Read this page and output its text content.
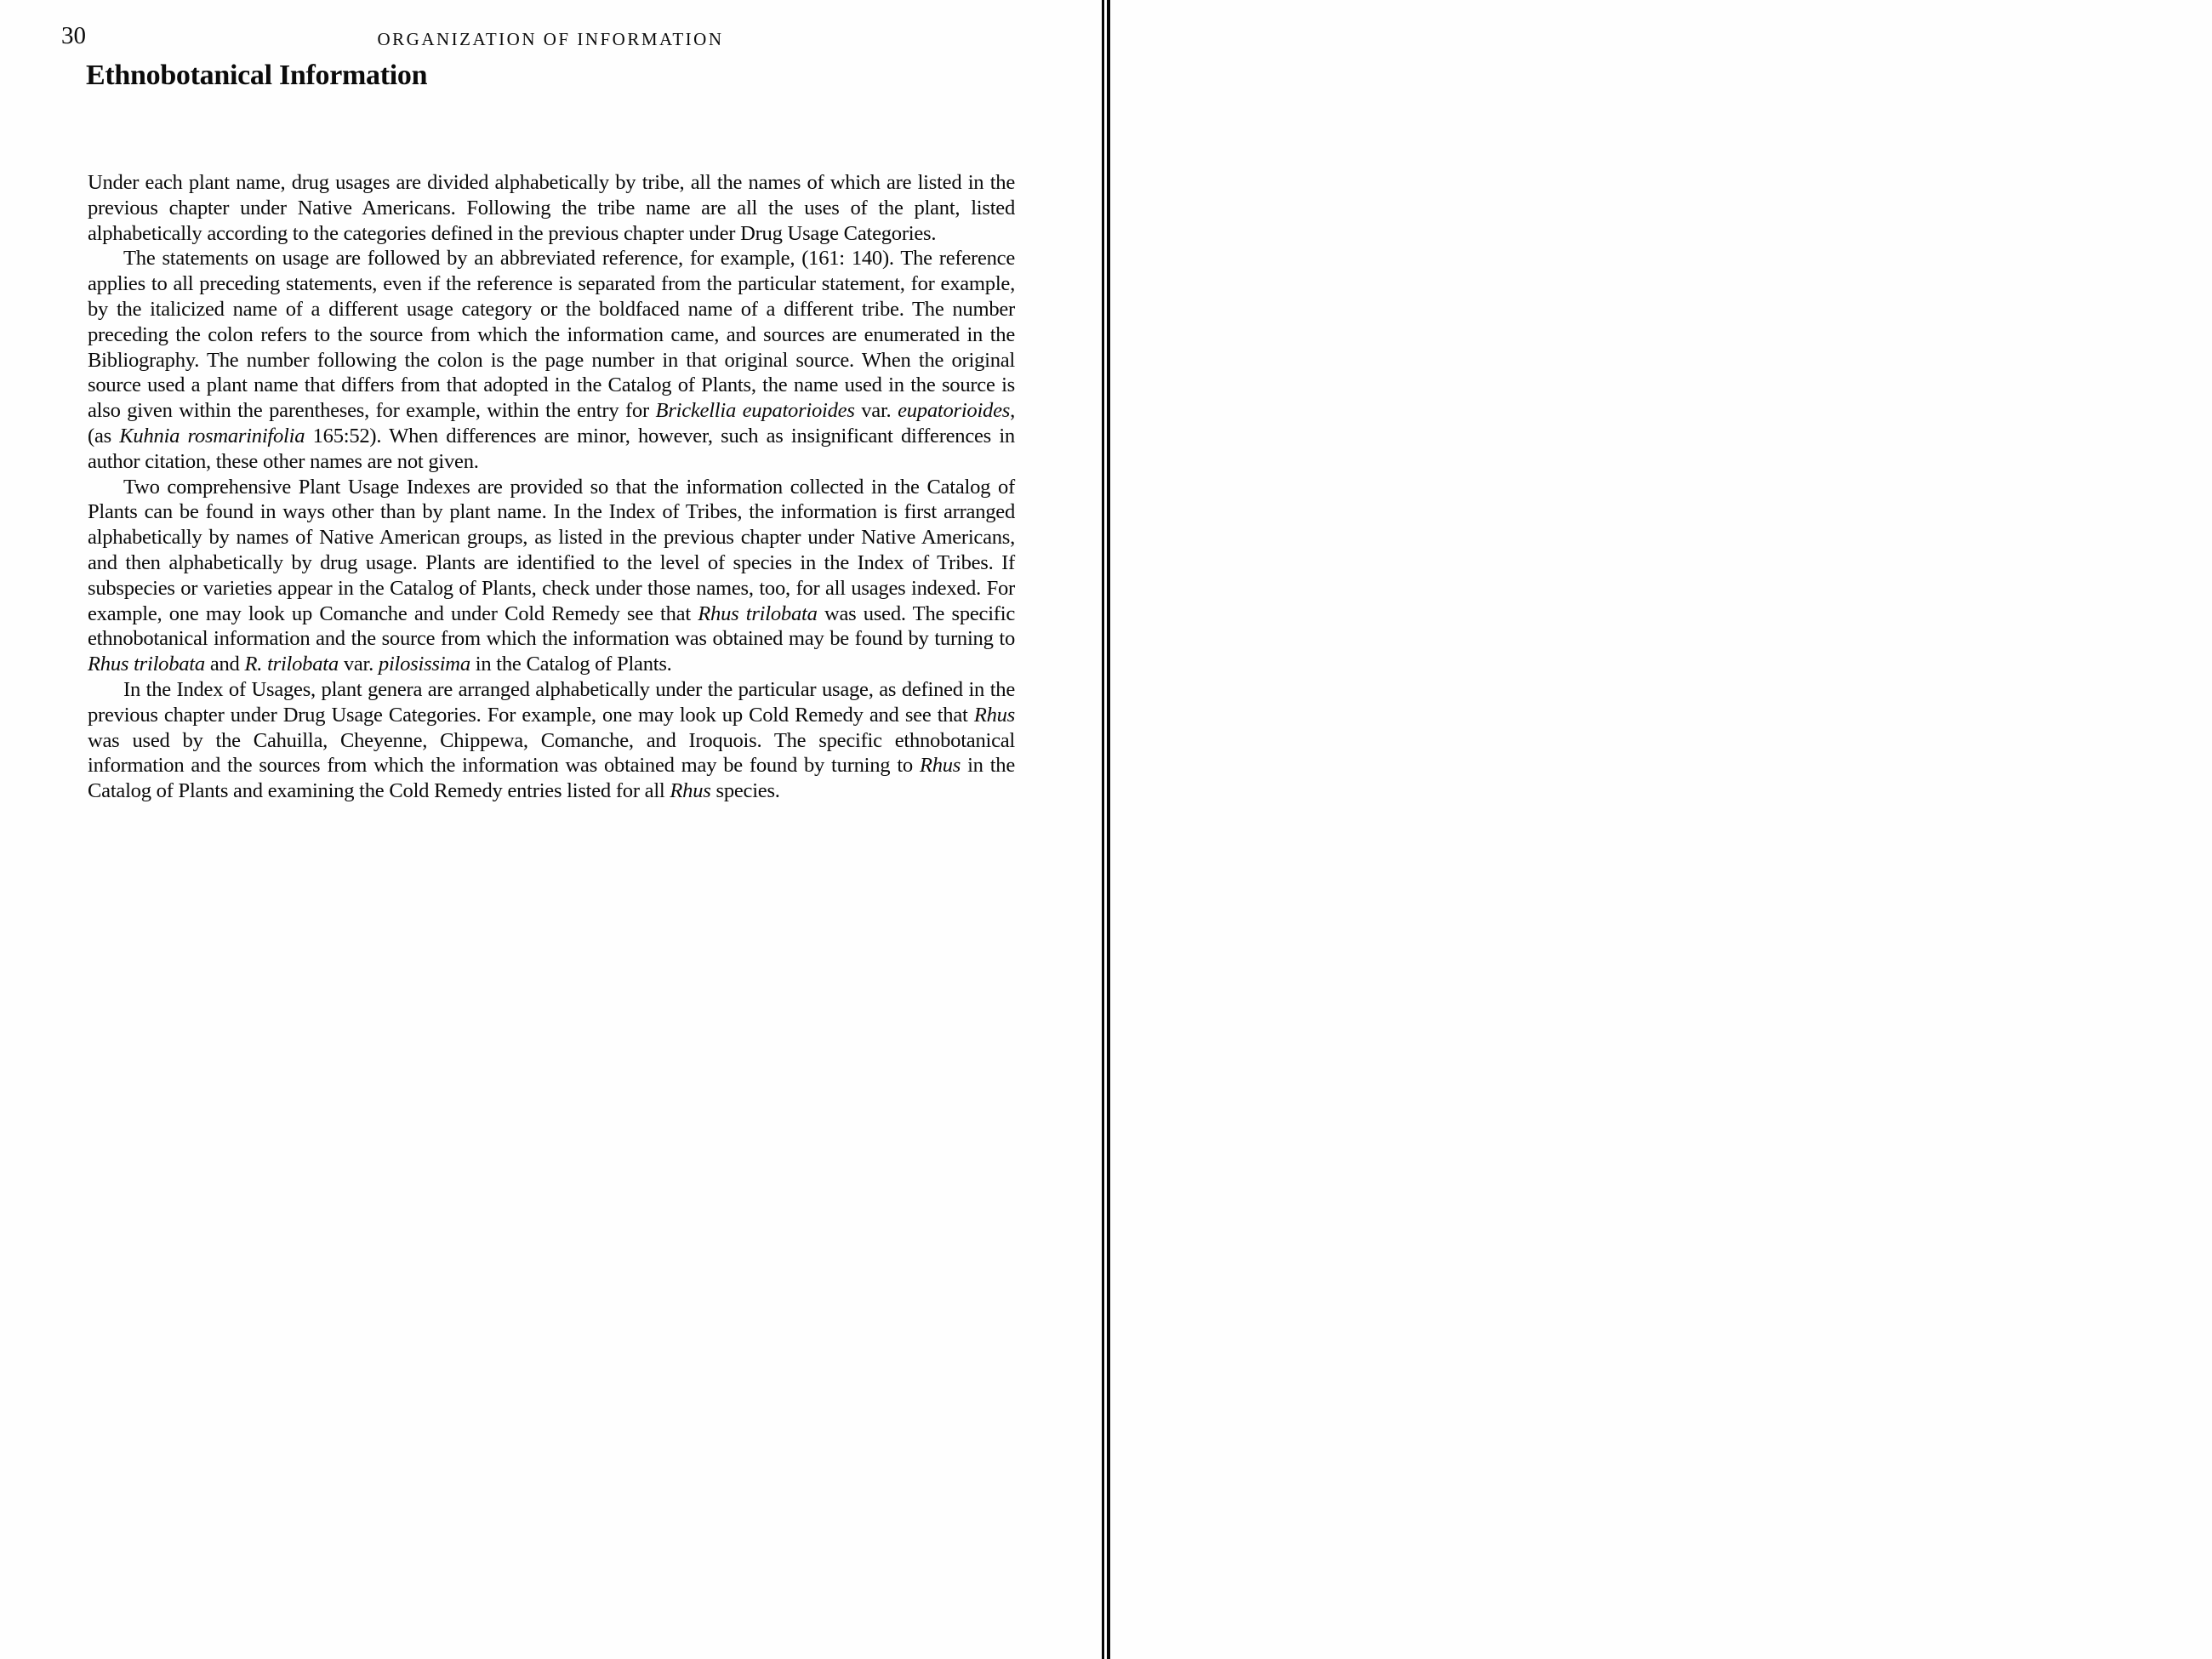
30	ORGANIZATION OF INFORMATION
Ethnobotanical Information

Under each plant name, drug usages are divided alphabetically by tribe, all the names of which are listed in the previous chapter under Native Americans. Following the tribe name are all the uses of the plant, listed alphabetically according to the categories defined in the previous chapter under Drug Usage Categories.

The statements on usage are followed by an abbreviated reference, for example, (161: 140). The reference applies to all preceding statements, even if the reference is separated from the particular statement, for example, by the italicized name of a different usage category or the boldfaced name of a different tribe. The number preceding the colon refers to the source from which the information came, and sources are enumerated in the Bibliography. The number following the colon is the page number in that original source. When the original source used a plant name that differs from that adopted in the Catalog of Plants, the name used in the source is also given within the parentheses, for example, within the entry for Brickellia eupatorioides var. eupatorioides, (as Kuhnia rosmarinifolia 165:52). When differences are minor, however, such as insignificant differences in author citation, these other names are not given.

Two comprehensive Plant Usage Indexes are provided so that the information collected in the Catalog of Plants can be found in ways other than by plant name. In the Index of Tribes, the information is first arranged alphabetically by names of Native American groups, as listed in the previous chapter under Native Americans, and then alphabetically by drug usage. Plants are identified to the level of species in the Index of Tribes. If subspecies or varieties appear in the Catalog of Plants, check under those names, too, for all usages indexed. For example, one may look up Comanche and under Cold Remedy see that Rhus trilobata was used. The specific ethnobotanical information and the source from which the information was obtained may be found by turning to Rhus trilobata and R. trilobata var. pilosissima in the Catalog of Plants.

In the Index of Usages, plant genera are arranged alphabetically under the particular usage, as defined in the previous chapter under Drug Usage Categories. For example, one may look up Cold Remedy and see that Rhus was used by the Cahuilla, Cheyenne, Chippewa, Comanche, and Iroquois. The specific ethnobotanical information and the sources from which the information was obtained may be found by turning to Rhus in the Catalog of Plants and examining the Cold Remedy entries listed for all Rhus species.
